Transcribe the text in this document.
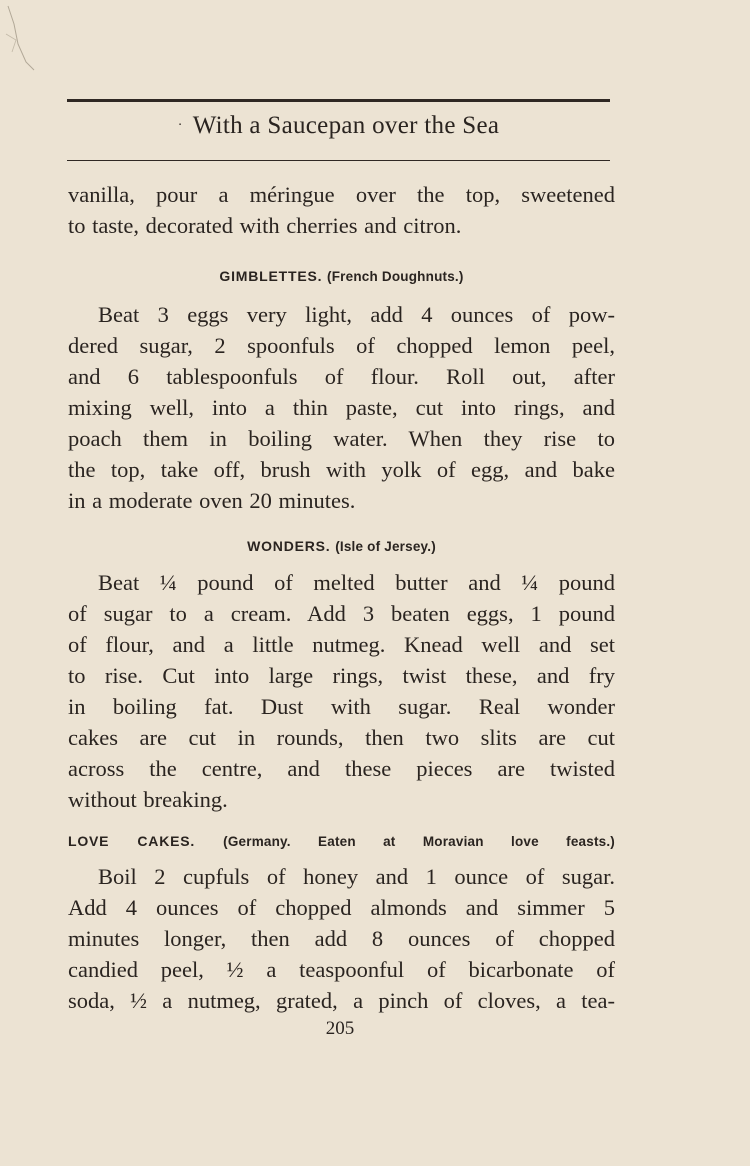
· With a Saucepan over the Sea
vanilla, pour a méringue over the top, sweetened
to taste, decorated with cherries and citron.
GIMBLETTES. (French Doughnuts.)
Beat 3 eggs very light, add 4 ounces of pow-
dered sugar, 2 spoonfuls of chopped lemon peel,
and 6 tablespoonfuls of flour. Roll out, after
mixing well, into a thin paste, cut into rings, and
poach them in boiling water. When they rise to
the top, take off, brush with yolk of egg, and bake
in a moderate oven 20 minutes.
WONDERS. (Isle of Jersey.)
Beat ¼ pound of melted butter and ¼ pound
of sugar to a cream. Add 3 beaten eggs, 1 pound
of flour, and a little nutmeg. Knead well and set
to rise. Cut into large rings, twist these, and fry
in boiling fat. Dust with sugar. Real wonder
cakes are cut in rounds, then two slits are cut
across the centre, and these pieces are twisted
without breaking.
LOVE CAKES. (Germany. Eaten at Moravian love feasts.)
Boil 2 cupfuls of honey and 1 ounce of sugar.
Add 4 ounces of chopped almonds and simmer 5
minutes longer, then add 8 ounces of chopped
candied peel, ½ a teaspoonful of bicarbonate of
soda, ½ a nutmeg, grated, a pinch of cloves, a tea-
205
